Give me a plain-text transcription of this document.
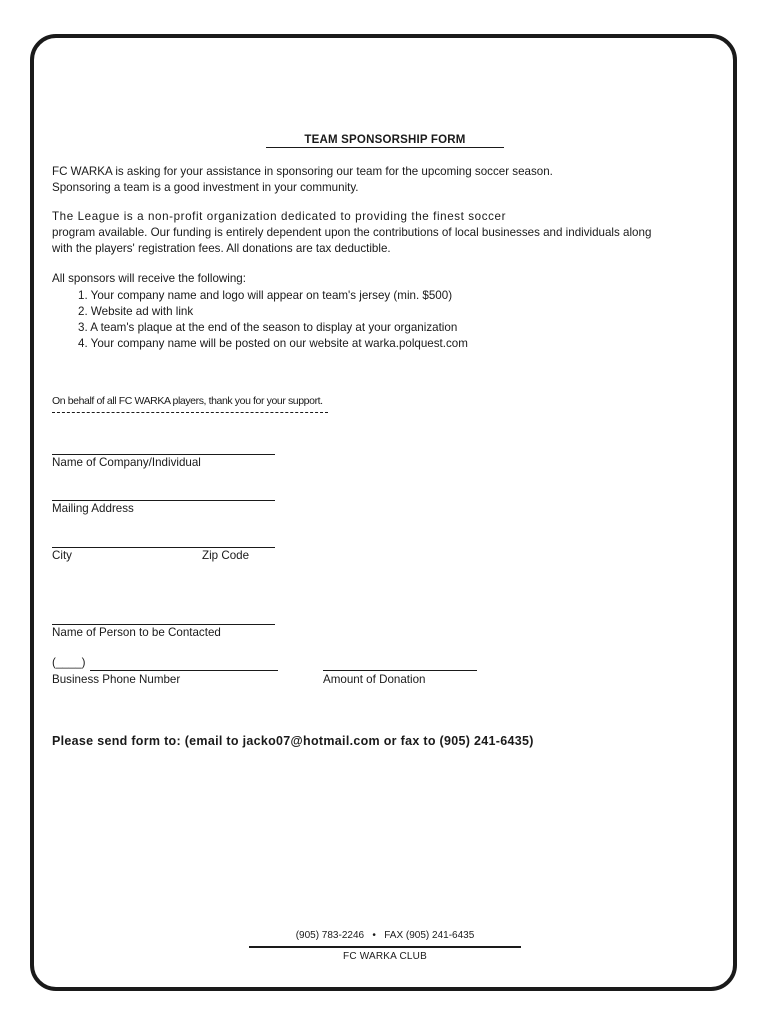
TEAM SPONSORSHIP FORM
FC WARKA is asking for your assistance in sponsoring our team for the upcoming soccer season.
Sponsoring a team is a good investment in your community.
The League is a non-profit organization dedicated to providing the finest soccer
program available. Our funding is entirely dependent upon the contributions of local businesses and individuals along
with the players' registration fees. All donations are tax deductible.
All sponsors will receive the following:
1. Your company name and logo will appear on team's jersey (min. $500)
2. Website ad with link
3. A team's plaque at the end of the season to display at your organization
4. Your company name will be posted on our website at warka.polquest.com
On behalf of all FC WARKA players, thank you for your support.
Name of Company/Individual
Mailing Address
City	Zip Code
Name of Person to be Contacted
(____)
Business Phone Number	Amount of Donation
Please send form to: (email to jacko07@hotmail.com or fax to (905) 241-6435)
(905) 783-2246   •   FAX (905) 241-6435
FC WARKA CLUB
